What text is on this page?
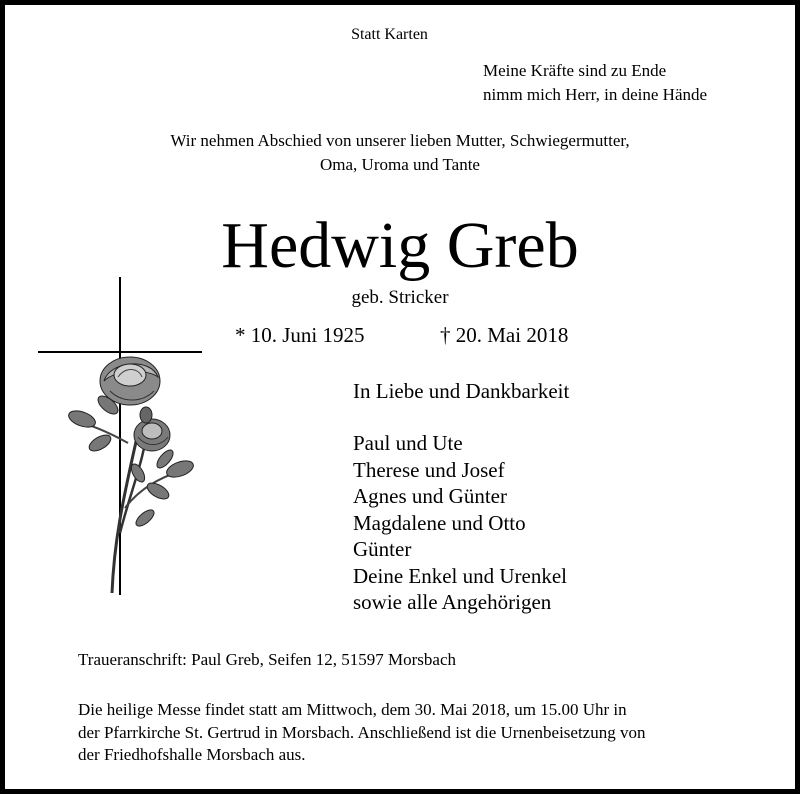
Statt Karten
Meine Kräfte sind zu Ende
nimm mich Herr, in deine Hände
Wir nehmen Abschied von unserer lieben Mutter, Schwiegermutter,
Oma, Uroma und Tante
Hedwig Greb
geb. Stricker
* 10. Juni 1925	† 20. Mai 2018
In Liebe und Dankbarkeit
Paul und Ute
Therese und Josef
Agnes und Günter
Magdalene und Otto
Günter
Deine Enkel und Urenkel
sowie alle Angehörigen
Traueranschrift: Paul Greb, Seifen 12, 51597 Morsbach
Die heilige Messe findet statt am Mittwoch, dem 30. Mai 2018, um 15.00 Uhr in
der Pfarrkirche St. Gertrud in Morsbach. Anschließend ist die Urnenbeisetzung von
der Friedhofshalle Morsbach aus.
